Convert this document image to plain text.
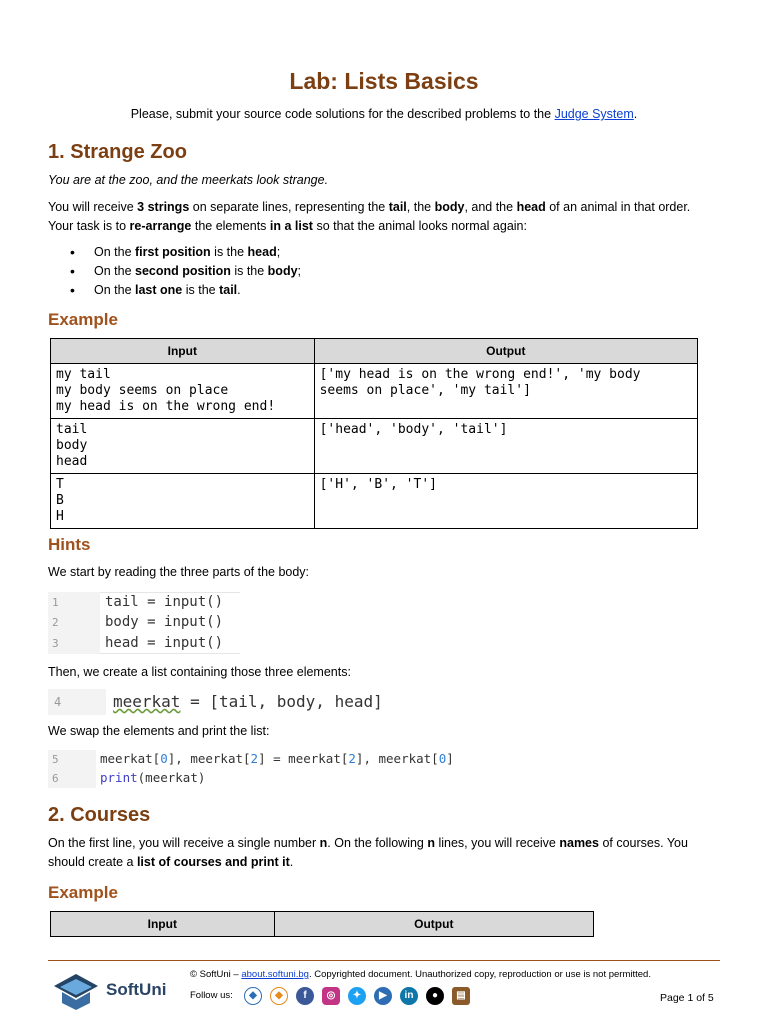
Lab: Lists Basics
Please, submit your source code solutions for the described problems to the Judge System.
1. Strange Zoo

You are at the zoo, and the meerkats look strange.

You will receive 3 strings on separate lines, representing the tail, the body, and the head of an animal in that order.

Your task is to re-arrange the elements in a list so that the animal looks normal again:

• On the first position is the head;
• On the second position is the body;
• On the last one is the tail.
Example
Input	Output
my tail
my body seems on place
my head is on the wrong end!	['my head is on the wrong end!', 'my body
seems on place', 'my tail']
tail
body
head	['head', 'body', 'tail']
T
B
H	['H', 'B', 'T']
Hints

We start by reading the three parts of the body:

1
2
3
tail = input()
body = input()
head = input()

Then, we create a list containing those three elements:

4	meerkat = [tail, body, head]

We swap the elements and print the list:

5
6
meerkat[0], meerkat[2] = meerkat[2], meerkat[0]
print(meerkat)
2. Courses

On the first line, you will receive a single number n. On the following n lines, you will receive names of courses. You

should create a list of courses and print it.

Example
Input	Output
SoftUni
© SoftUni – about.softuni.bg. Copyrighted document. Unauthorized copy, reproduction or use is not permitted.
Follow us:	◆	◆	f	◎	✦	▶	in	●	▤	Page 1 of 5
